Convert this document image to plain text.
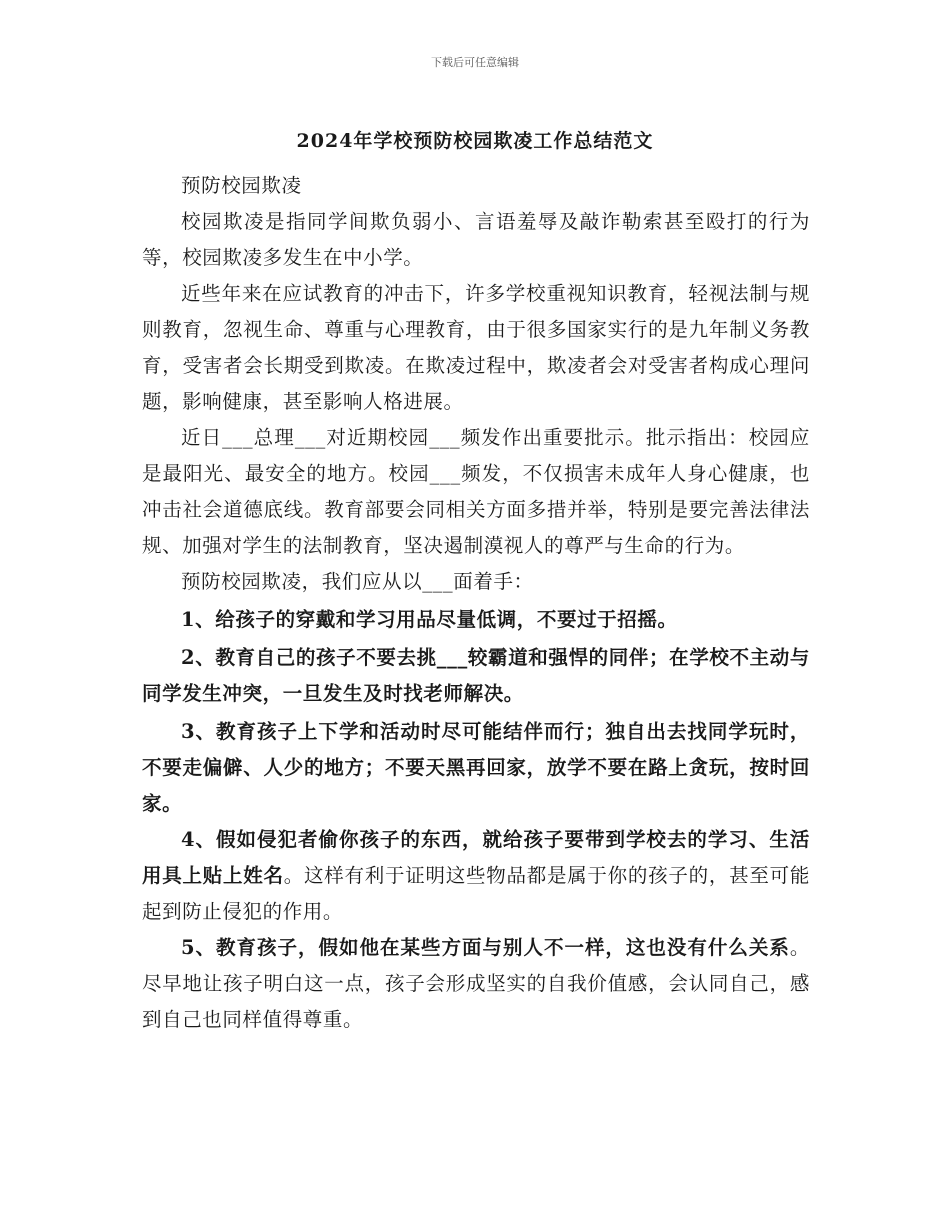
下载后可任意编辑
2024年学校预防校园欺凌工作总结范文

预防校园欺凌

校园欺凌是指同学间欺负弱小、言语羞辱及敲诈勒索甚至殴打的行为等，校园欺凌多发生在中小学。

近些年来在应试教育的冲击下，许多学校重视知识教育，轻视法制与规则教育，忽视生命、尊重与心理教育，由于很多国家实行的是九年制义务教育，受害者会长期受到欺凌。在欺凌过程中，欺凌者会对受害者构成心理问题，影响健康，甚至影响人格进展。

近日___总理___对近期校园___频发作出重要批示。批示指出：校园应是最阳光、最安全的地方。校园___频发，不仅损害未成年人身心健康，也冲击社会道德底线。教育部要会同相关方面多措并举，特别是要完善法律法规、加强对学生的法制教育，坚决遏制漠视人的尊严与生命的行为。

预防校园欺凌，我们应从以___面着手：

1、给孩子的穿戴和学习用品尽量低调，不要过于招摇。

2、教育自己的孩子不要去挑___较霸道和强悍的同伴；在学校不主动与同学发生冲突，一旦发生及时找老师解决。

3、教育孩子上下学和活动时尽可能结伴而行；独自出去找同学玩时，不要走偏僻、人少的地方；不要天黑再回家，放学不要在路上贪玩，按时回家。

4、假如侵犯者偷你孩子的东西，就给孩子要带到学校去的学习、生活用具上贴上姓名。这样有利于证明这些物品都是属于你的孩子的，甚至可能起到防止侵犯的作用。

5、教育孩子，假如他在某些方面与别人不一样，这也没有什么关系。尽早地让孩子明白这一点，孩子会形成坚实的自我价值感，会认同自己，感到自己也同样值得尊重。
